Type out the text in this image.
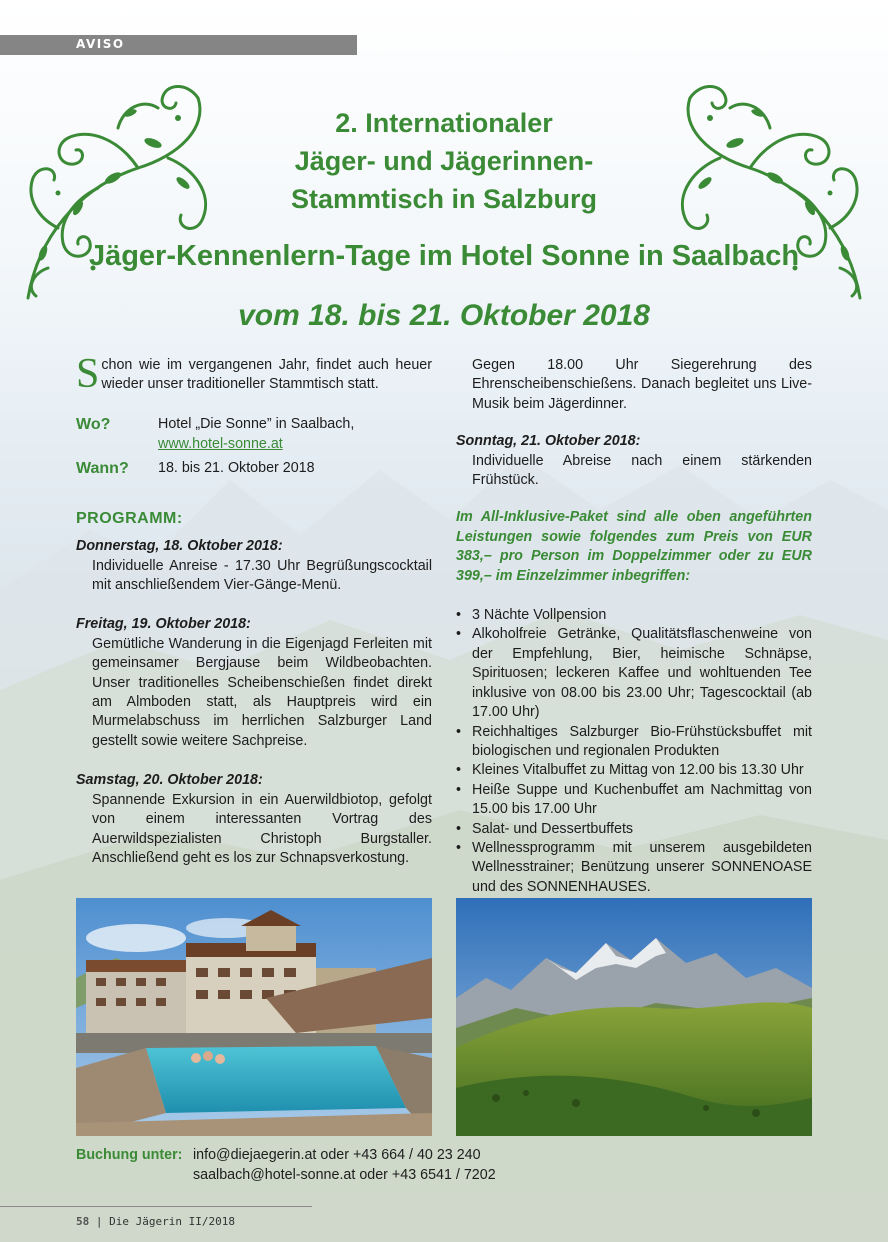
AVISO
2. Internationaler
Jäger- und Jägerinnen-
Stammtisch in Salzburg
Jäger-Kennenlern-Tage im Hotel Sonne in Saalbach
vom 18. bis 21. Oktober 2018

Schon wie im vergangenen Jahr, findet auch heuer wieder unser traditioneller Stammtisch statt.

Wo?	Hotel „Die Sonne” in Saalbach,
www.hotel-sonne.at
Wann? 18. bis 21. Oktober 2018
PROGRAMM:

Donnerstag, 18. Oktober 2018:

Individuelle Anreise - 17.30 Uhr Begrüßungscocktail mit anschließendem Vier-Gänge-Menü.

Freitag, 19. Oktober 2018:

Gemütliche Wanderung in die Eigenjagd Ferleiten mit gemeinsamer Bergjause beim Wildbeobachten. Unser traditionelles Scheibenschießen findet direkt am Almboden statt, als Hauptpreis wird ein Murmelabschuss im herrlichen Salzburger Land gestellt sowie weitere Sachpreise.

Samstag, 20. Oktober 2018:

Spannende Exkursion in ein Auerwildbiotop, gefolgt von einem interessanten Vortrag des Auerwildspezialisten Christoph Burgstaller. Anschließend geht es los zur Schnapsverkostung.

Gegen 18.00 Uhr Siegerehrung des Ehrenscheibenschießens. Danach begleitet uns Live-Musik beim Jägerdinner.

Sonntag, 21. Oktober 2018:

Individuelle Abreise nach einem stärkenden Frühstück.

Im All-Inklusive-Paket sind alle oben angeführten Leistungen sowie folgendes zum Preis von EUR 383,– pro Person im Doppelzimmer oder zu EUR 399,– im Einzelzimmer inbegriffen:

• 3 Nächte Vollpension
• Alkoholfreie Getränke, Qualitätsflaschenweine von der Empfehlung, Bier, heimische Schnäpse, Spirituosen; leckeren Kaffee und wohltuenden Tee inklusive von 08.00 bis 23.00 Uhr; Tagescocktail (ab 17.00 Uhr)
• Reichhaltiges Salzburger Bio-Frühstücksbuffet mit biologischen und regionalen Produkten
• Kleines Vitalbuffet zu Mittag von 12.00 bis 13.30 Uhr
• Heiße Suppe und Kuchenbuffet am Nachmittag von 15.00 bis 17.00 Uhr
• Salat- und Dessertbuffets
• Wellnessprogramm mit unserem ausgebildeten Wellnesstrainer; Benützung unserer SONNENOASE und des SONNENHAUSES.
Buchung unter: info@diejaegerin.at oder +43 664 / 40 23 240
saalbach@hotel-sonne.at oder +43 6541 / 7202
58 | Die Jägerin II/2018
